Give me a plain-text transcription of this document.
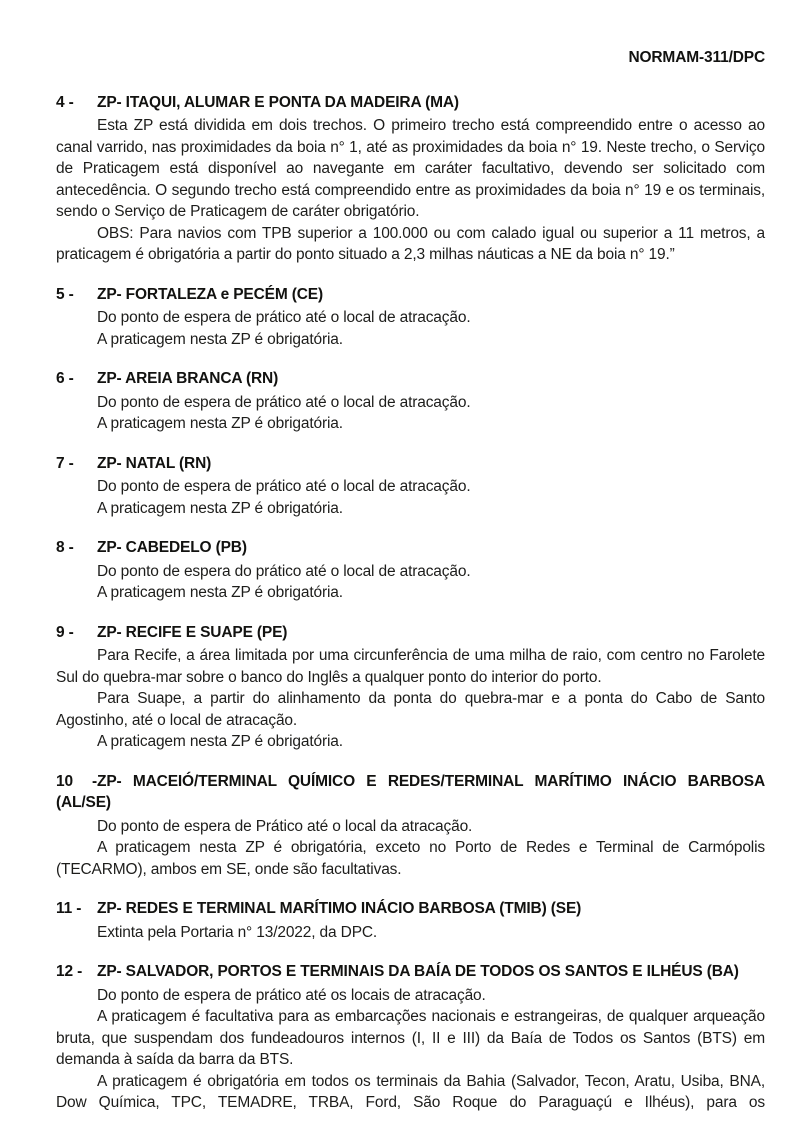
NORMAM-311/DPC

4 - ZP- ITAQUI, ALUMAR E PONTA DA MADEIRA (MA)

Esta ZP está dividida em dois trechos. O primeiro trecho está compreendido entre o acesso ao canal varrido, nas proximidades da boia n° 1, até as proximidades da boia n° 19. Neste trecho, o Serviço de Praticagem está disponível ao navegante em caráter facultativo, devendo ser solicitado com antecedência. O segundo trecho está compreendido entre as proximidades da boia n° 19 e os terminais, sendo o Serviço de Praticagem de caráter obrigatório.

OBS: Para navios com TPB superior a 100.000 ou com calado igual ou superior a 11 metros, a praticagem é obrigatória a partir do ponto situado a 2,3 milhas náuticas a NE da boia n° 19.”

5 - ZP- FORTALEZA e PECÉM (CE)

Do ponto de espera de prático até o local de atracação.

A praticagem nesta ZP é obrigatória.

6 - ZP- AREIA BRANCA (RN)

Do ponto de espera de prático até o local de atracação.

A praticagem nesta ZP é obrigatória.

7 - ZP- NATAL (RN)

Do ponto de espera de prático até o local de atracação.

A praticagem nesta ZP é obrigatória.

8 - ZP- CABEDELO (PB)

Do ponto de espera do prático até o local de atracação.

A praticagem nesta ZP é obrigatória.

9 - ZP- RECIFE E SUAPE (PE)

Para Recife, a área limitada por uma circunferência de uma milha de raio, com centro no Farolete Sul do quebra-mar sobre o banco do Inglês a qualquer ponto do interior do porto.

Para Suape, a partir do alinhamento da ponta do quebra-mar e a ponta do Cabo de Santo Agostinho, até o local de atracação.

A praticagem nesta ZP é obrigatória.

10 -ZP- MACEIÓ/TERMINAL QUÍMICO E REDES/TERMINAL MARÍTIMO INÁCIO BARBOSA
(AL/SE)

Do ponto de espera de Prático até o local da atracação.

A praticagem nesta ZP é obrigatória, exceto no Porto de Redes e Terminal de Carmópolis (TECARMO), ambos em SE, onde são facultativas.

11 - ZP- REDES E TERMINAL MARÍTIMO INÁCIO BARBOSA (TMIB) (SE)

Extinta pela Portaria n° 13/2022, da DPC.

12 - ZP- SALVADOR, PORTOS E TERMINAIS DA BAÍA DE TODOS OS SANTOS E ILHÉUS (BA)

Do ponto de espera de prático até os locais de atracação.

A praticagem é facultativa para as embarcações nacionais e estrangeiras, de qualquer arqueação bruta, que suspendam dos fundeadouros internos (I, II e III) da Baía de Todos os Santos (BTS) em demanda à saída da barra da BTS.

A praticagem é obrigatória em todos os terminais da Bahia (Salvador, Tecon, Aratu, Usiba, BNA, Dow Química, TPC, TEMADRE, TRBA, Ford, São Roque do Paraguaçú e Ilhéus), para os
